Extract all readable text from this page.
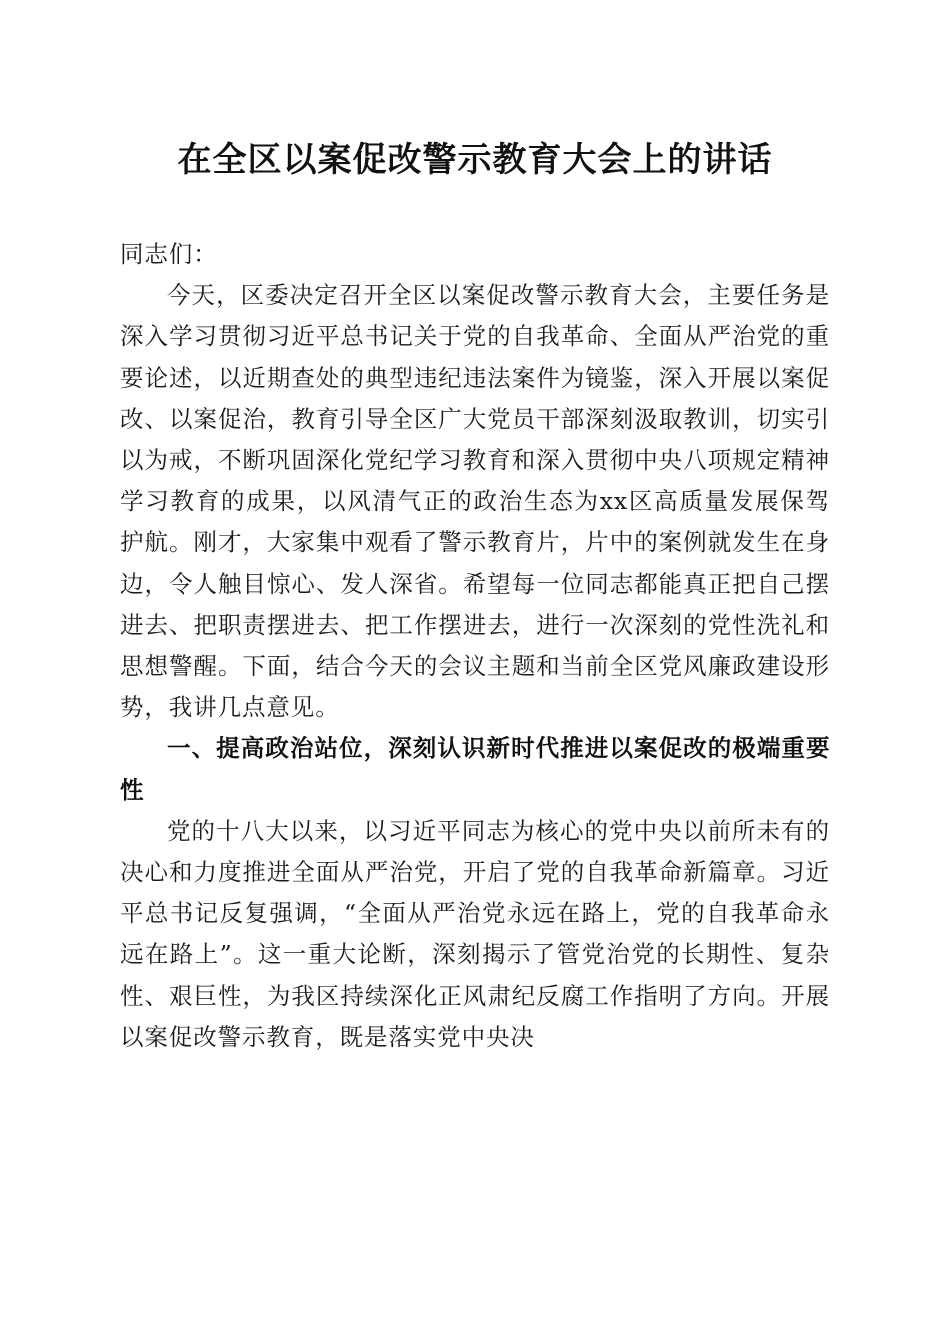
在全区以案促改警示教育大会上的讲话

同志们：

今天，区委决定召开全区以案促改警示教育大会，主要任务是深入学习贯彻习近平总书记关于党的自我革命、全面从严治党的重要论述，以近期查处的典型违纪违法案件为镜鉴，深入开展以案促改、以案促治，教育引导全区广大党员干部深刻汲取教训，切实引以为戒，不断巩固深化党纪学习教育和深入贯彻中央八项规定精神学习教育的成果，以风清气正的政治生态为xx区高质量发展保驾护航。刚才，大家集中观看了警示教育片，片中的案例就发生在身边，令人触目惊心、发人深省。希望每一位同志都能真正把自己摆进去、把职责摆进去、把工作摆进去，进行一次深刻的党性洗礼和思想警醒。下面，结合今天的会议主题和当前全区党风廉政建设形势，我讲几点意见。

一、提高政治站位，深刻认识新时代推进以案促改的极端重要性

党的十八大以来，以习近平同志为核心的党中央以前所未有的决心和力度推进全面从严治党，开启了党的自我革命新篇章。习近平总书记反复强调，“全面从严治党永远在路上，党的自我革命永远在路上”。这一重大论断，深刻揭示了管党治党的长期性、复杂性、艰巨性，为我区持续深化正风肃纪反腐工作指明了方向。开展以案促改警示教育，既是落实党中央决
